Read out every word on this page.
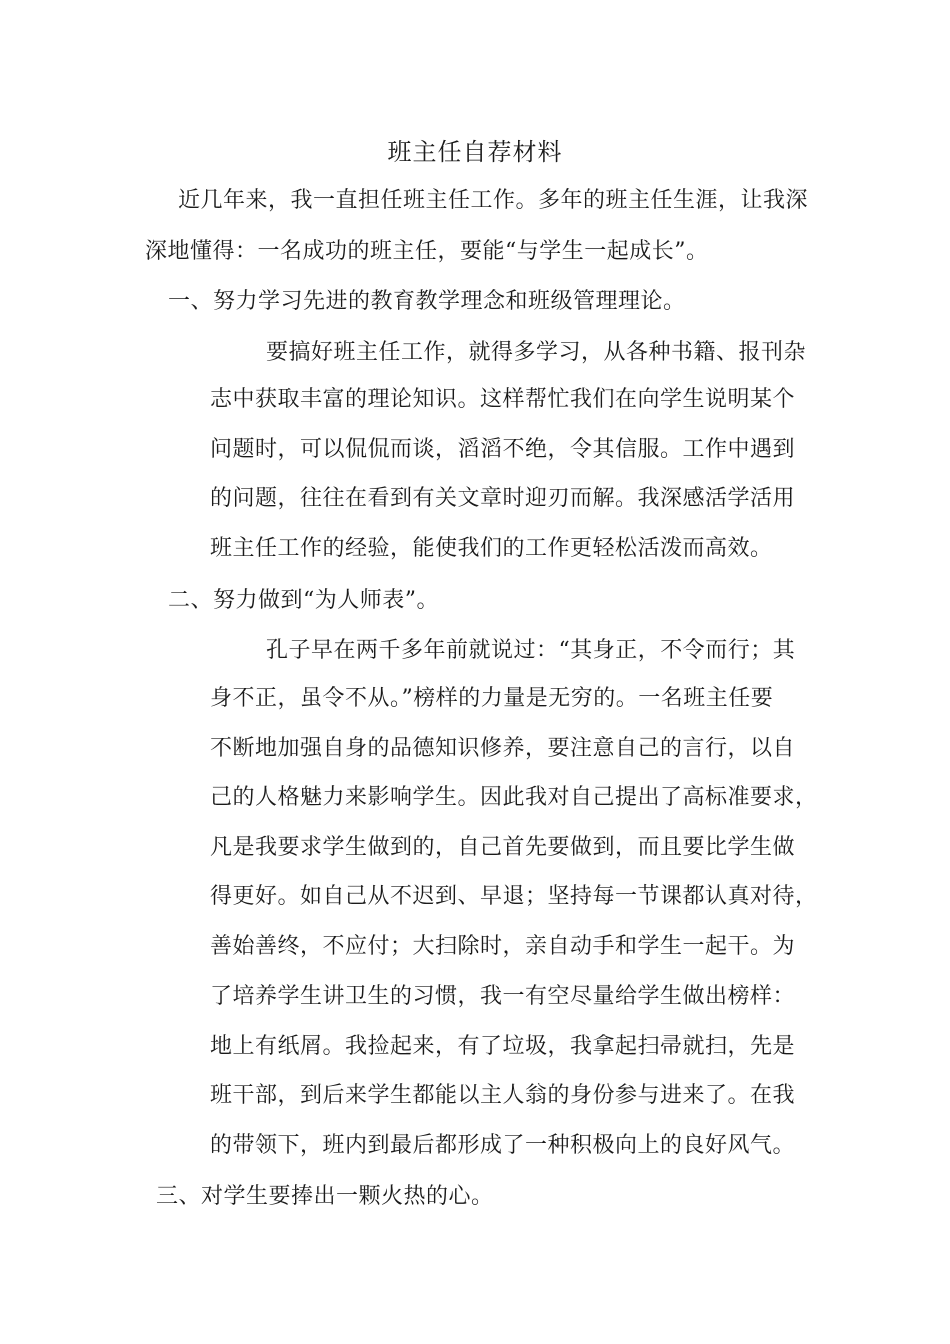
班主任自荐材料
近几年来，我一直担任班主任工作。多年的班主任生涯，让我深
深地懂得：一名成功的班主任，要能“与学生一起成长”。
一、努力学习先进的教育教学理念和班级管理理论。
要搞好班主任工作，就得多学习，从各种书籍、报刊杂
志中获取丰富的理论知识。这样帮忙我们在向学生说明某个
问题时，可以侃侃而谈，滔滔不绝，令其信服。工作中遇到
的问题，往往在看到有关文章时迎刃而解。我深感活学活用
班主任工作的经验，能使我们的工作更轻松活泼而高效。
二、努力做到“为人师表”。
孔子早在两千多年前就说过：“其身正，不令而行；其
身不正，虽令不从。”榜样的力量是无穷的。一名班主任要
不断地加强自身的品德知识修养，要注意自己的言行，以自
己的人格魅力来影响学生。因此我对自己提出了高标准要求，
凡是我要求学生做到的，自己首先要做到，而且要比学生做
得更好。如自己从不迟到、早退；坚持每一节课都认真对待，
善始善终，不应付；大扫除时，亲自动手和学生一起干。为
了培养学生讲卫生的习惯，我一有空尽量给学生做出榜样：
地上有纸屑。我捡起来，有了垃圾，我拿起扫帚就扫，先是
班干部，到后来学生都能以主人翁的身份参与进来了。在我
的带领下，班内到最后都形成了一种积极向上的良好风气。
三、对学生要捧出一颗火热的心。
